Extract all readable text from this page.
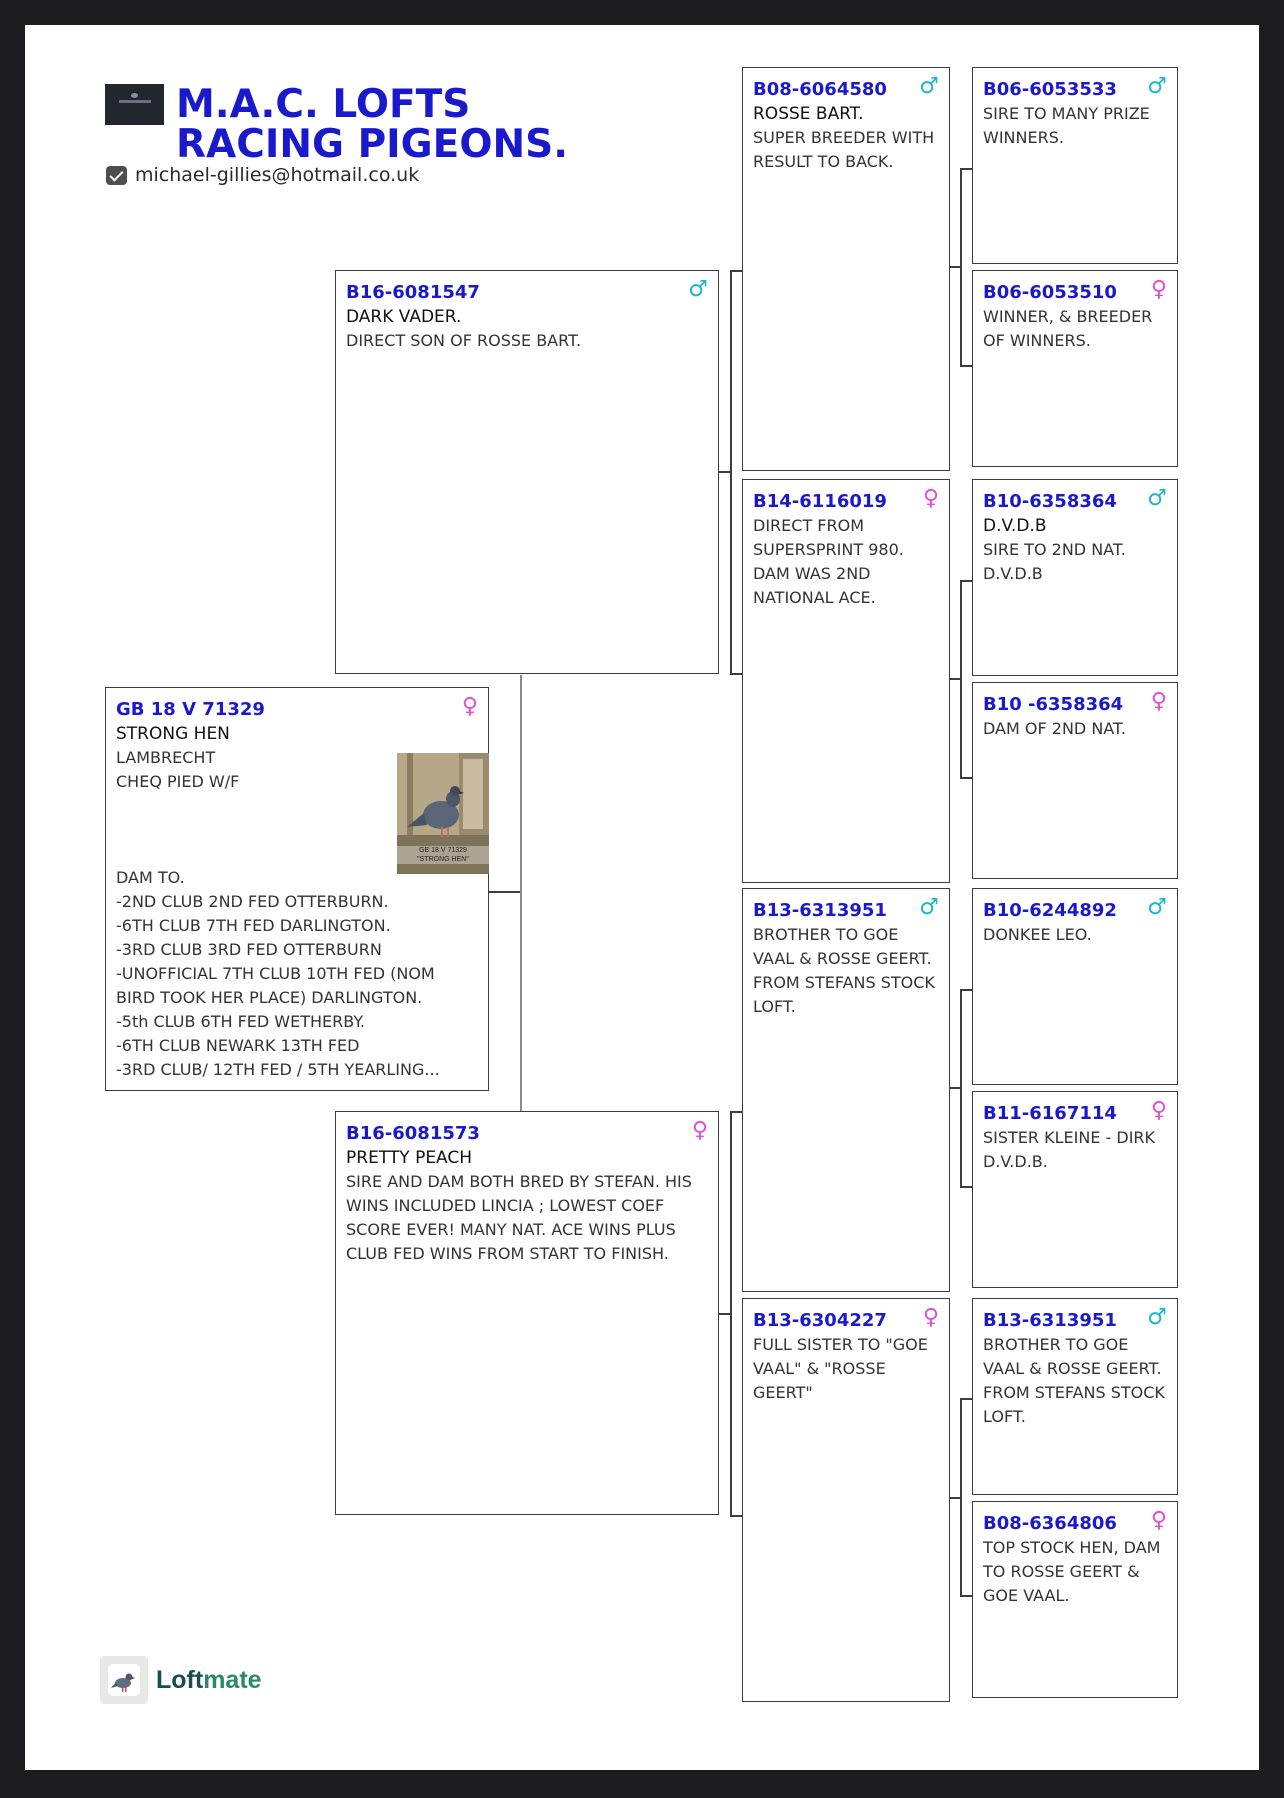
M.A.C. LOFTS RACING PIGEONS.
michael-gillies@hotmail.co.uk
GB 18 V 71329	♀
STRONG HEN
LAMBRECHT
CHEQ PIED W/F
DAM TO.
-2ND CLUB 2ND FED OTTERBURN.
-6TH CLUB 7TH FED DARLINGTON.
-3RD CLUB 3RD FED OTTERBURN
-UNOFFICIAL 7TH CLUB 10TH FED (NOM BIRD TOOK HER PLACE) DARLINGTON.
-5th CLUB 6TH FED WETHERBY.
-6TH CLUB NEWARK 13TH FED
-3RD CLUB/ 12TH FED / 5TH YEARLING...
GB 18 V 71329
"STRONG HEN"
B16-6081547	♂
DARK VADER.
DIRECT SON OF ROSSE BART.
B16-6081573	♀
PRETTY PEACH
SIRE AND DAM BOTH BRED BY STEFAN. HIS WINS INCLUDED LINCIA ; LOWEST COEF SCORE EVER! MANY NAT. ACE WINS PLUS CLUB FED WINS FROM START TO FINISH.
Loftmate
B08-6064580	♂
ROSSE BART.
SUPER BREEDER WITH RESULT TO BACK.
B14-6116019	♀
DIRECT FROM SUPERSPRINT 980. DAM WAS 2ND NATIONAL ACE.
B13-6313951	♂
BROTHER TO GOE VAAL & ROSSE GEERT. FROM STEFANS STOCK LOFT.
B13-6304227	♀
FULL SISTER TO "GOE VAAL" & "ROSSE GEERT"
B06-6053533	♂
SIRE TO MANY PRIZE WINNERS.
B06-6053510	♀
WINNER, & BREEDER OF WINNERS.
B10-6358364	♂
D.V.D.B
SIRE TO 2ND NAT. D.V.D.B
B10 -6358364	♀
DAM OF 2ND NAT.
B10-6244892	♂
DONKEE LEO.
B11-6167114	♀
SISTER KLEINE - DIRK D.V.D.B.
B13-6313951	♂
BROTHER TO GOE VAAL & ROSSE GEERT. FROM STEFANS STOCK LOFT.
B08-6364806	♀
TOP STOCK HEN, DAM TO ROSSE GEERT & GOE VAAL.
